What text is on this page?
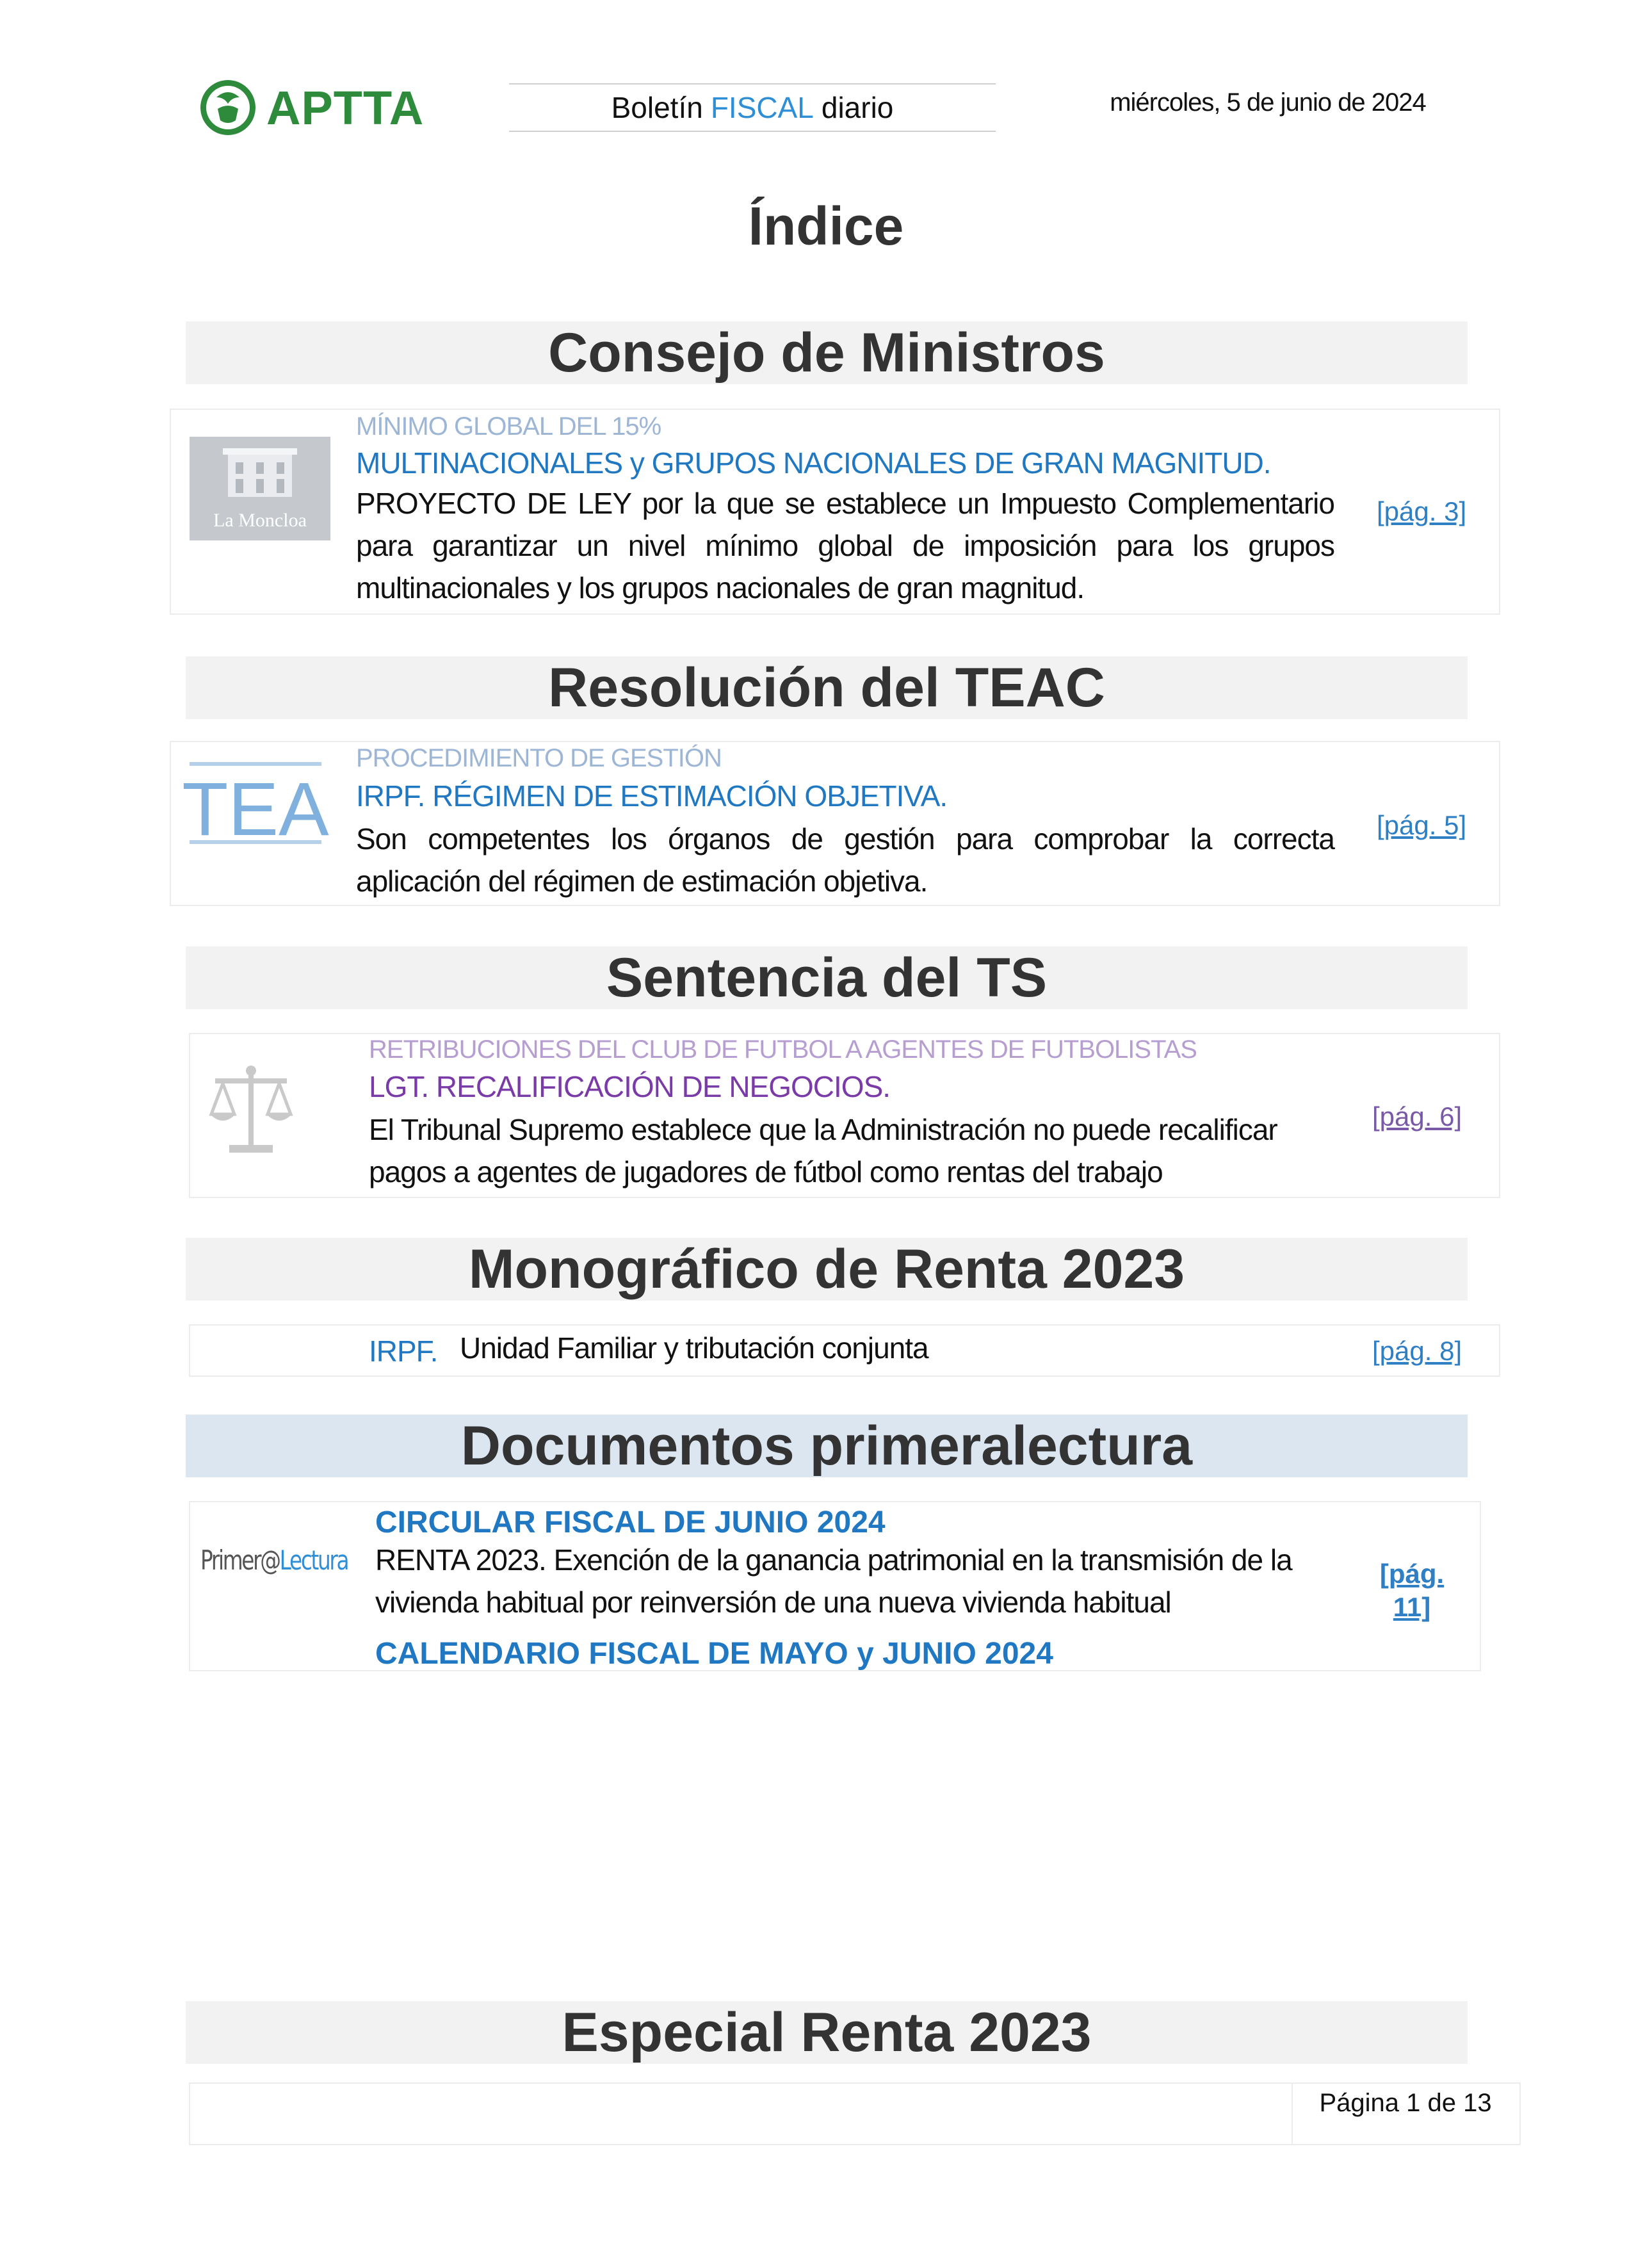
APTTA	Boletín FISCAL diario	miércoles, 5 de junio de 2024
Índice
Consejo de Ministros
La Moncloa
MÍNIMO GLOBAL DEL 15%
MULTINACIONALES y GRUPOS NACIONALES DE GRAN MAGNITUD.
PROYECTO DE LEY por la que se establece un Impuesto Complementario para garantizar un nivel mínimo global de imposición para los grupos multinacionales y los grupos nacionales de gran magnitud.
[pág. 3]
Resolución del TEAC
TEA
PROCEDIMIENTO DE GESTIÓN
IRPF. RÉGIMEN DE ESTIMACIÓN OBJETIVA.
Son competentes los órganos de gestión para comprobar la correcta aplicación del régimen de estimación objetiva.
[pág. 5]
Sentencia del TS
RETRIBUCIONES DEL CLUB DE FUTBOL A AGENTES DE FUTBOLISTAS
LGT. RECALIFICACIÓN DE NEGOCIOS.
El Tribunal Supremo establece que la Administración no puede recalificar pagos a agentes de jugadores de fútbol como rentas del trabajo
[pág. 6]
Monográfico de Renta 2023
IRPF. Unidad Familiar y tributación conjunta	[pág. 8]
Documentos primeralectura
Primer@Lectura
CIRCULAR FISCAL DE JUNIO 2024
RENTA 2023. Exención de la ganancia patrimonial en la transmisión de la vivienda habitual por reinversión de una nueva vivienda habitual
CALENDARIO FISCAL DE MAYO y JUNIO 2024
[pág.
11]
Especial Renta 2023
Página 1 de 13
